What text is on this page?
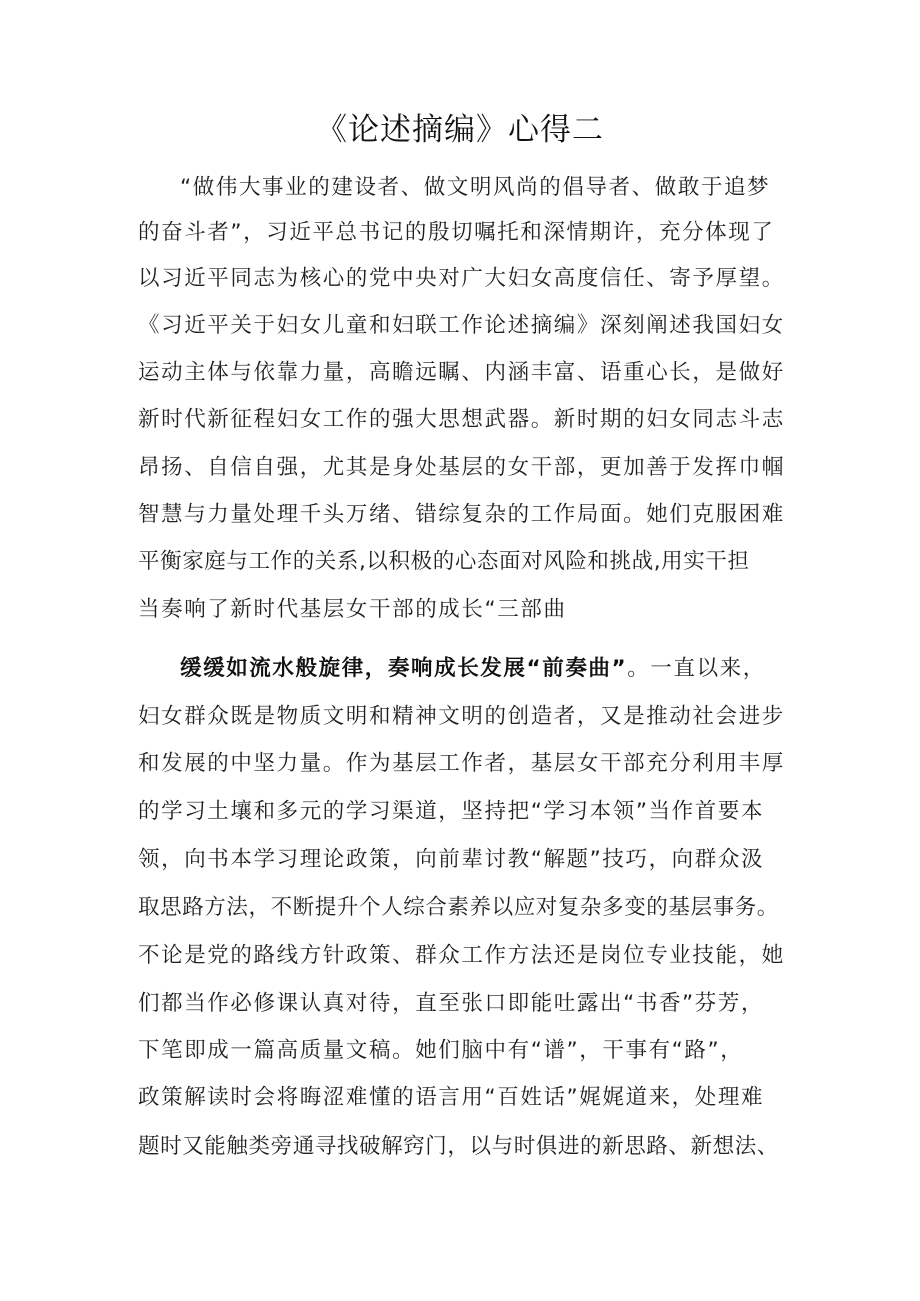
《论述摘编》心得二
“做伟大事业的建设者、做文明风尚的倡导者、做敢于追梦
的奋斗者”，习近平总书记的殷切嘱托和深情期许，充分体现了
以习近平同志为核心的党中央对广大妇女高度信任、寄予厚望。
《习近平关于妇女儿童和妇联工作论述摘编》深刻阐述我国妇女
运动主体与依靠力量，高瞻远瞩、内涵丰富、语重心长，是做好
新时代新征程妇女工作的强大思想武器。新时期的妇女同志斗志
昂扬、自信自强，尤其是身处基层的女干部，更加善于发挥巾帼
智慧与力量处理千头万绪、错综复杂的工作局面。她们克服困难
平衡家庭与工作的关系,以积极的心态面对风险和挑战,用实干担
当奏响了新时代基层女干部的成长“三部曲
缓缓如流水般旋律，奏响成长发展“前奏曲”。一直以来，
妇女群众既是物质文明和精神文明的创造者，又是推动社会进步
和发展的中坚力量。作为基层工作者，基层女干部充分利用丰厚
的学习土壤和多元的学习渠道，坚持把“学习本领”当作首要本
领，向书本学习理论政策，向前辈讨教“解题”技巧，向群众汲
取思路方法，不断提升个人综合素养以应对复杂多变的基层事务。
不论是党的路线方针政策、群众工作方法还是岗位专业技能，她
们都当作必修课认真对待，直至张口即能吐露出“书香”芬芳，
下笔即成一篇高质量文稿。她们脑中有“谱”，干事有“路”，
政策解读时会将晦涩难懂的语言用“百姓话”娓娓道来，处理难
题时又能触类旁通寻找破解窍门，以与时俱进的新思路、新想法、
